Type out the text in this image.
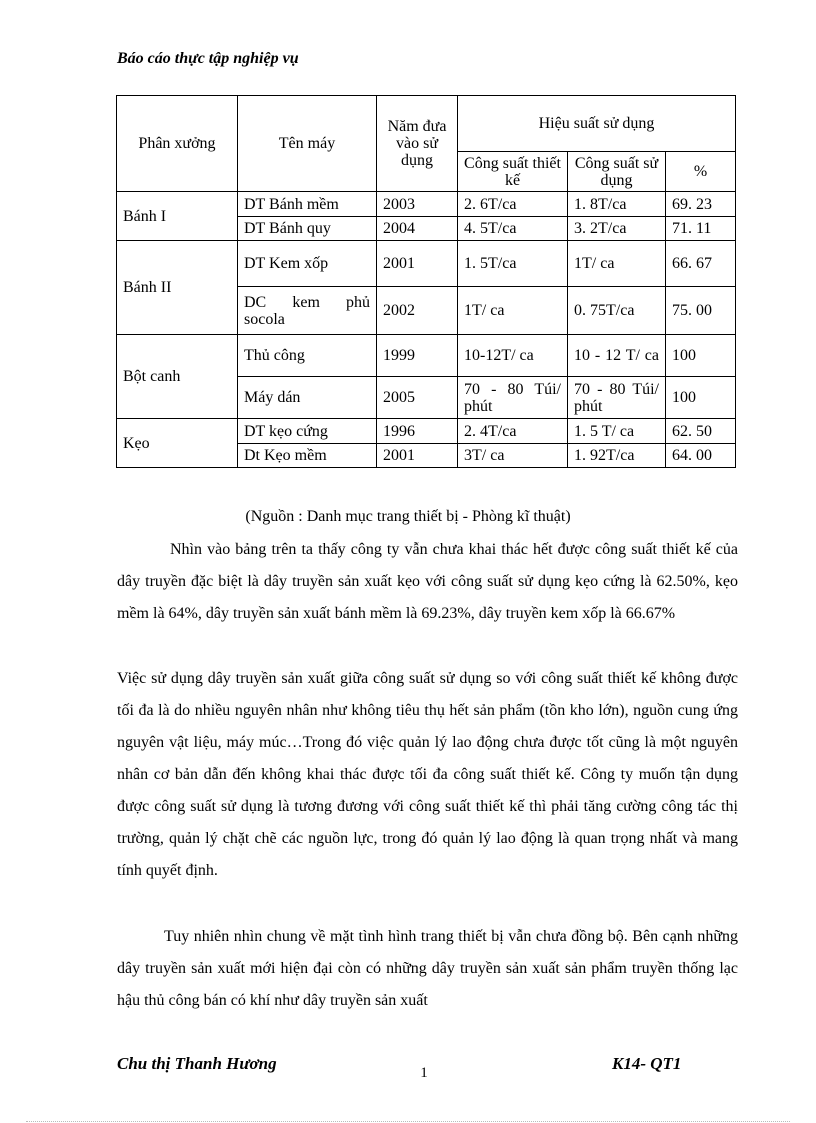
Báo cáo thực tập nghiệp vụ
Phân xưởng	Tên máy	Năm đưa vào sử dụng	Hiệu suất sử dụng		
			Công suất thiết kế	Công suất sử dụng	%
Bánh I	DT Bánh mềm	2003	2. 6T/ca	1. 8T/ca	69. 23
	DT Bánh quy	2004	4. 5T/ca	3. 2T/ca	71. 11
Bánh II	DT Kem xốp	2001	1. 5T/ca	1T/ ca	66. 67
	DC kem phủ socola	2002	1T/ ca	0. 75T/ca	75. 00
Bột canh	Thủ công	1999	10-12T/ ca	10 - 12 T/ ca	100
	Máy dán	2005	70 - 80 Túi/ phút	70 - 80 Túi/ phút	100
Kẹo	DT kẹo cứng	1996	2. 4T/ca	1. 5 T/ ca	62. 50
	Dt Kẹo mềm	2001	3T/ ca	1. 92T/ca	64. 00
(Nguồn : Danh mục trang thiết bị - Phòng kĩ thuật)
Nhìn vào bảng trên ta thấy công ty vẫn chưa khai thác hết được công suất thiết kế của dây truyền đặc biệt là dây truyền sản xuất kẹo với công suất sử dụng kẹo cứng là 62.50%, kẹo mềm là 64%, dây truyền sản xuất bánh mềm là 69.23%, dây truyền kem xốp là 66.67%
Việc sử dụng dây truyền sản xuất giữa công suất sử dụng so với công suất thiết kế không được tối đa là do nhiều nguyên nhân như không tiêu thụ hết sản phẩm (tồn kho lớn), nguồn cung ứng nguyên vật liệu, máy múc…Trong đó việc quản lý lao động chưa được tốt cũng là một nguyên nhân cơ bản dẫn đến không khai thác được tối đa công suất thiết kế. Công ty muốn tận dụng được công suất sử dụng là tương đương với công suất thiết kế thì phải tăng cường công tác thị trường, quản lý chặt chẽ các nguồn lực, trong đó quản lý lao động là quan trọng nhất và mang tính quyết định.
Tuy nhiên nhìn chung về mặt tình hình trang thiết bị vẫn chưa đồng bộ. Bên cạnh những dây truyền sản xuất mới hiện đại còn có những dây truyền sản xuất sản phẩm truyền thống lạc hậu thủ công bán có khí như dây truyền sản xuất
Chu thị Thanh Hương	1	K14- QT1
